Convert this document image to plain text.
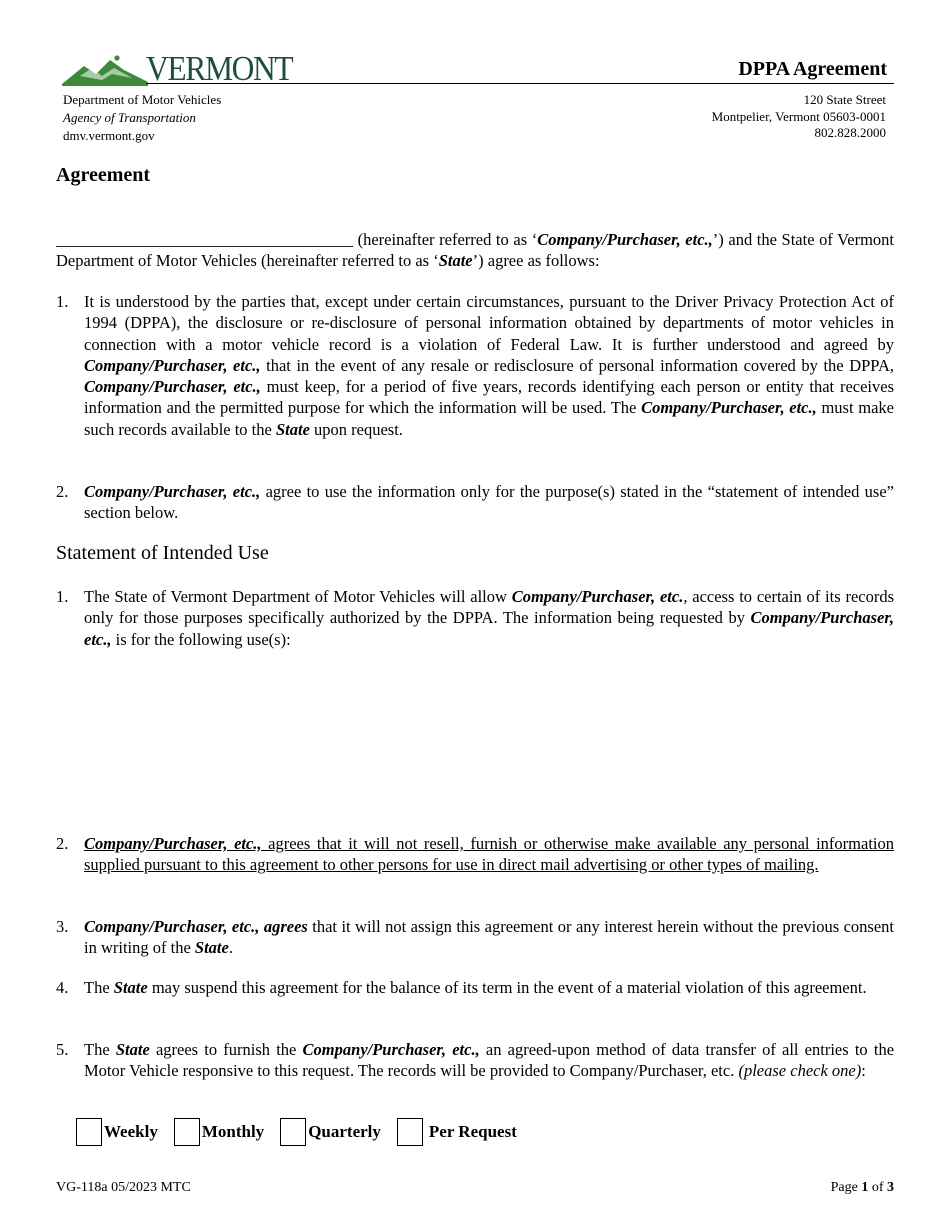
VERMONT	DPPA Agreement
Department of Motor Vehicles
Agency of Transportation
dmv.vermont.gov
120 State Street
Montpelier, Vermont 05603-0001
802.828.2000
Agreement
____________________________________ (hereinafter referred to as ‘Company/Purchaser, etc.,’) and the State of Vermont Department of Motor Vehicles (hereinafter referred to as ‘State’) agree as follows:
1. It is understood by the parties that, except under certain circumstances, pursuant to the Driver Privacy Protection Act of 1994 (DPPA), the disclosure or re-disclosure of personal information obtained by departments of motor vehicles in connection with a motor vehicle record is a violation of Federal Law. It is further understood and agreed by Company/Purchaser, etc., that in the event of any resale or redisclosure of personal information covered by the DPPA, Company/Purchaser, etc., must keep, for a period of five years, records identifying each person or entity that receives information and the permitted purpose for which the information will be used. The Company/Purchaser, etc., must make such records available to the State upon request.
2. Company/Purchaser, etc., agree to use the information only for the purpose(s) stated in the “statement of intended use” section below.
Statement of Intended Use
1. The State of Vermont Department of Motor Vehicles will allow Company/Purchaser, etc., access to certain of its records only for those purposes specifically authorized by the DPPA. The information being requested by Company/Purchaser, etc., is for the following use(s):
2. Company/Purchaser, etc., agrees that it will not resell, furnish or otherwise make available any personal information supplied pursuant to this agreement to other persons for use in direct mail advertising or other types of mailing.
3. Company/Purchaser, etc., agrees that it will not assign this agreement or any interest herein without the previous consent in writing of the State.
4. The State may suspend this agreement for the balance of its term in the event of a material violation of this agreement.
5. The State agrees to furnish the Company/Purchaser, etc., an agreed-upon method of data transfer of all entries to the Motor Vehicle responsive to this request. The records will be provided to Company/Purchaser, etc. (please check one):
Weekly	Monthly	Quarterly	Per Request
VG-118a 05/2023 MTC	Page 1 of 3
